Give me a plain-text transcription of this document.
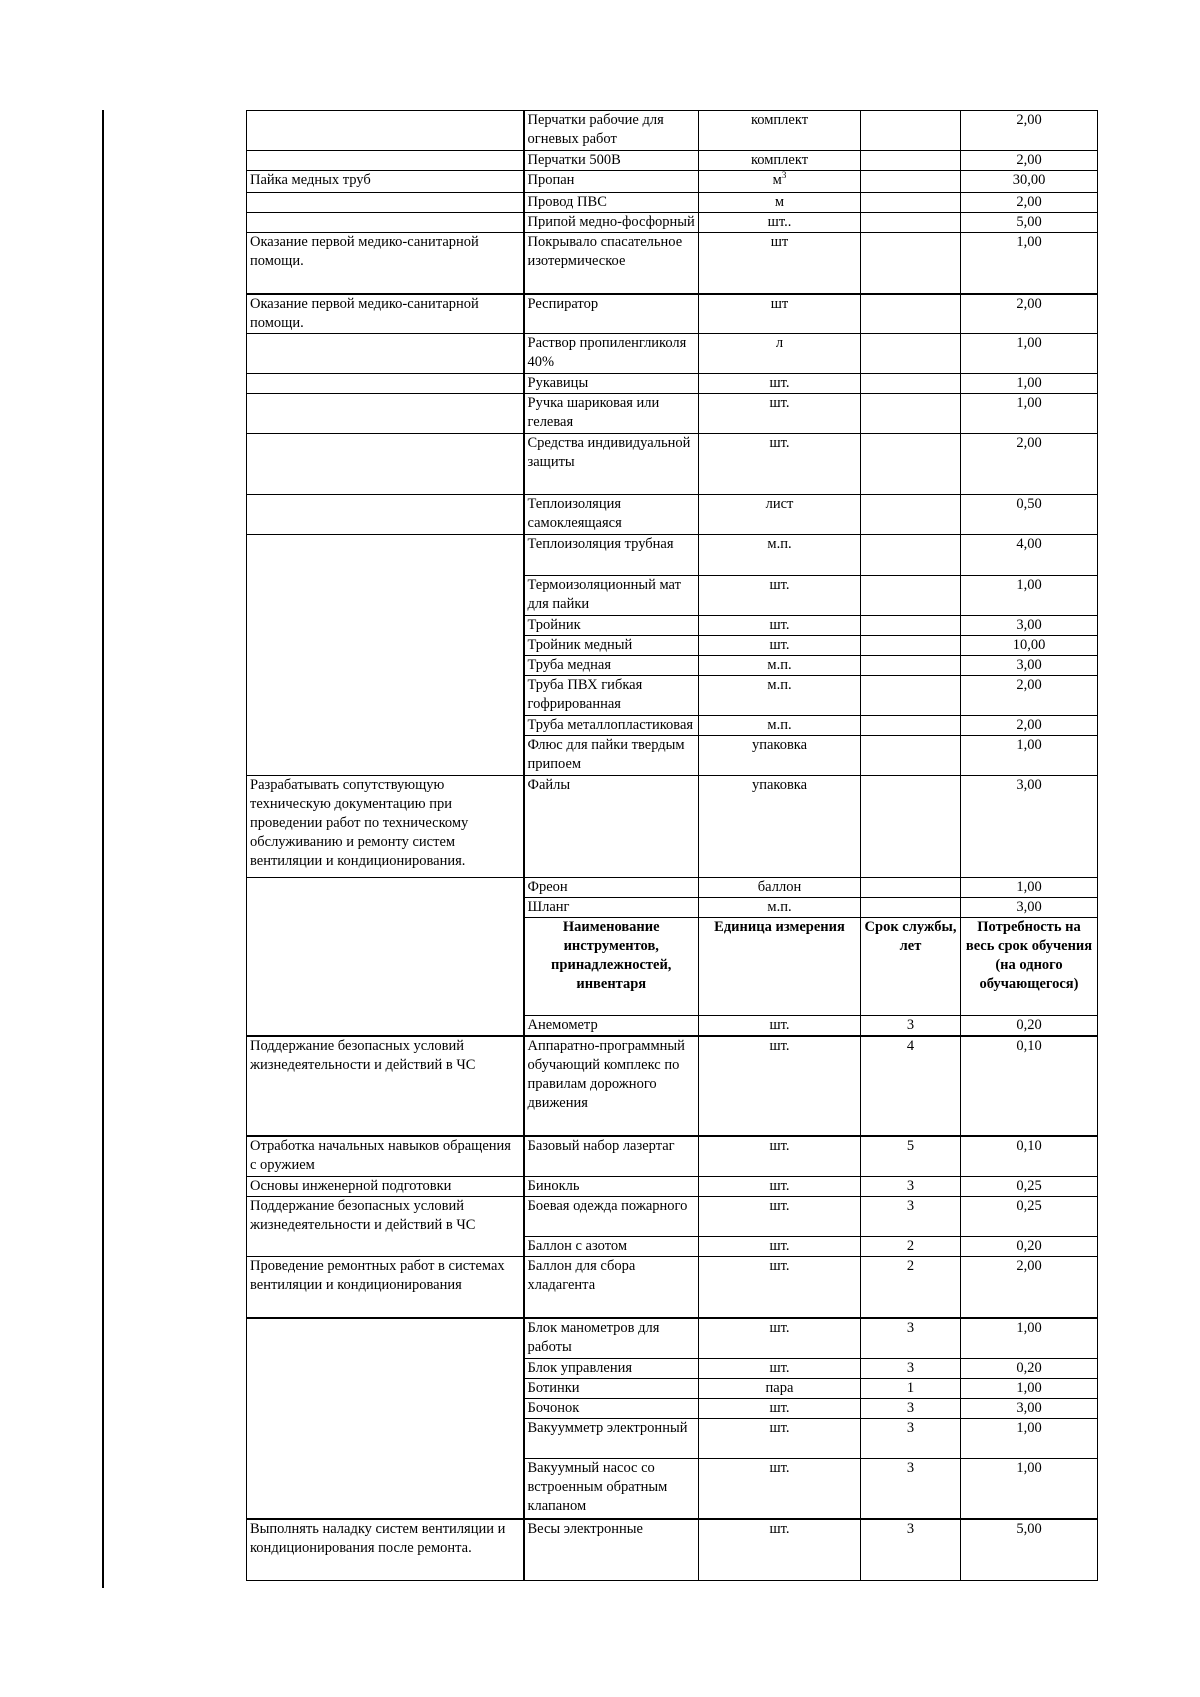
	Перчатки рабочие для огневых работ	комплект		2,00
	Перчатки 500В	комплект		2,00
Пайка медных труб	Пропан	$м^3$		30,00
	Провод ПВС	м		2,00
	Припой медно-фосфорный	шт..		5,00
Оказание первой медико-санитарной помощи.	Покрывало спасательное изотермическое	шт		1,00
Оказание первой медико-санитарной помощи.	Респиратор	шт		2,00
	Раствор пропиленгликоля 40%	л		1,00
	Рукавицы	шт.		1,00
	Ручка шариковая или гелевая	шт.		1,00
	Средства индивидуальной защиты	шт.		2,00
	Теплоизоляция самоклеящаяся	лист		0,50
	Теплоизоляция трубная	м.п.		4,00
	Термоизоляционный мат для пайки	шт.		1,00
	Тройник	шт.		3,00
	Тройник медный	шт.		10,00
	Труба медная	м.п.		3,00
	Труба ПВХ гибкая гофрированная	м.п.		2,00
	Труба металлопластиковая	м.п.		2,00
	Флюс для пайки твердым припоем	упаковка		1,00
Разрабатывать сопутствующую техническую документацию при проведении работ по техническому обслуживанию и ремонту систем вентиляции и кондиционирования.	Файлы	упаковка		3,00
	Фреон	баллон		1,00
	Шланг	м.п.		3,00
	Наименование инструментов, принадлежностей, инвентаря	Единица измерения	Срок службы, лет	Потребность на весь срок обучения (на одного обучающегося)
	Анемометр	шт.	3	0,20
Поддержание безопасных условий жизнедеятельности и действий в ЧС	Аппаратно-программный обучающий комплекс по правилам дорожного движения	шт.	4	0,10
Отработка начальных навыков обращения с оружием	Базовый набор лазертаг	шт.	5	0,10
Основы инженерной подготовки	Бинокль	шт.	3	0,25
Поддержание безопасных условий жизнедеятельности и действий в ЧС	Боевая одежда пожарного	шт.	3	0,25
	Баллон с азотом	шт.	2	0,20
Проведение ремонтных работ в системах вентиляции и кондиционирования	Баллон для сбора хладагента	шт.	2	2,00
	Блок манометров для работы	шт.	3	1,00
	Блок управления	шт.	3	0,20
	Ботинки	пара	1	1,00
	Бочонок	шт.	3	3,00
	Вакуумметр электронный	шт.	3	1,00
	Вакуумный насос со встроенным обратным клапаном	шт.	3	1,00
Выполнять наладку систем вентиляции и кондиционирования после ремонта.	Весы электронные	шт.	3	5,00
